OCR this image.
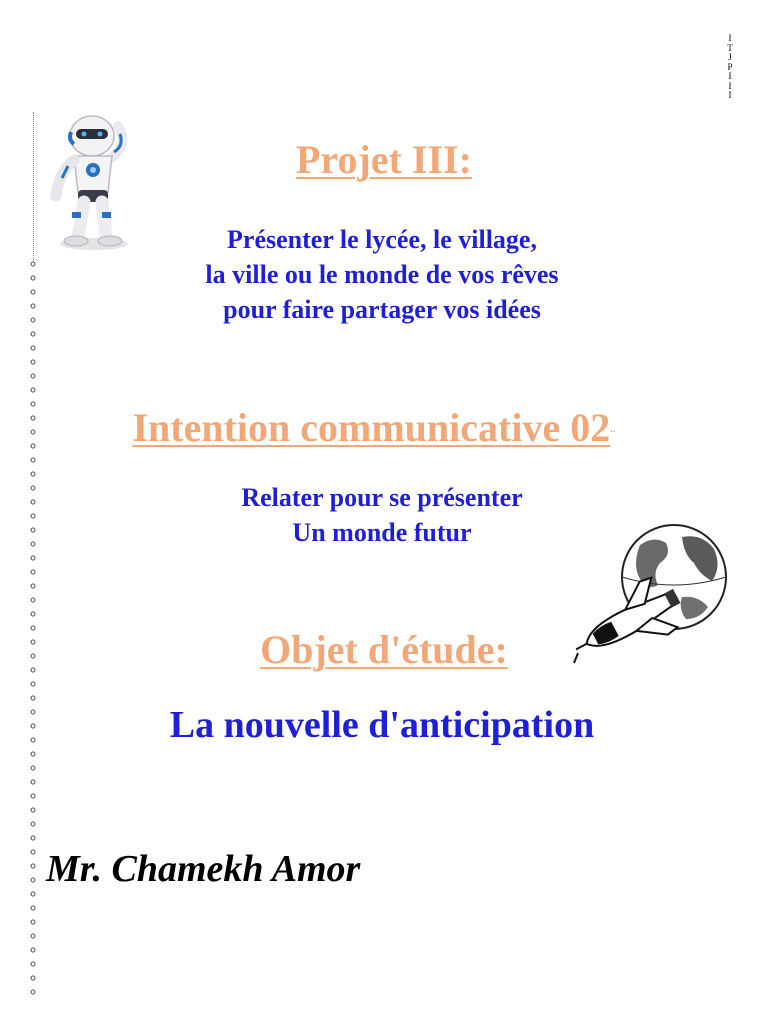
I
T
J
P
I
I
I
Projet III:
Présenter le lycée, le village,
la ville ou le monde de vos rêves
pour faire partager vos idées
Intention communicative 02··
Relater pour se présenter
Un monde futur
Objet d'étude:
La nouvelle d'anticipation

Mr. Chamekh Amor
